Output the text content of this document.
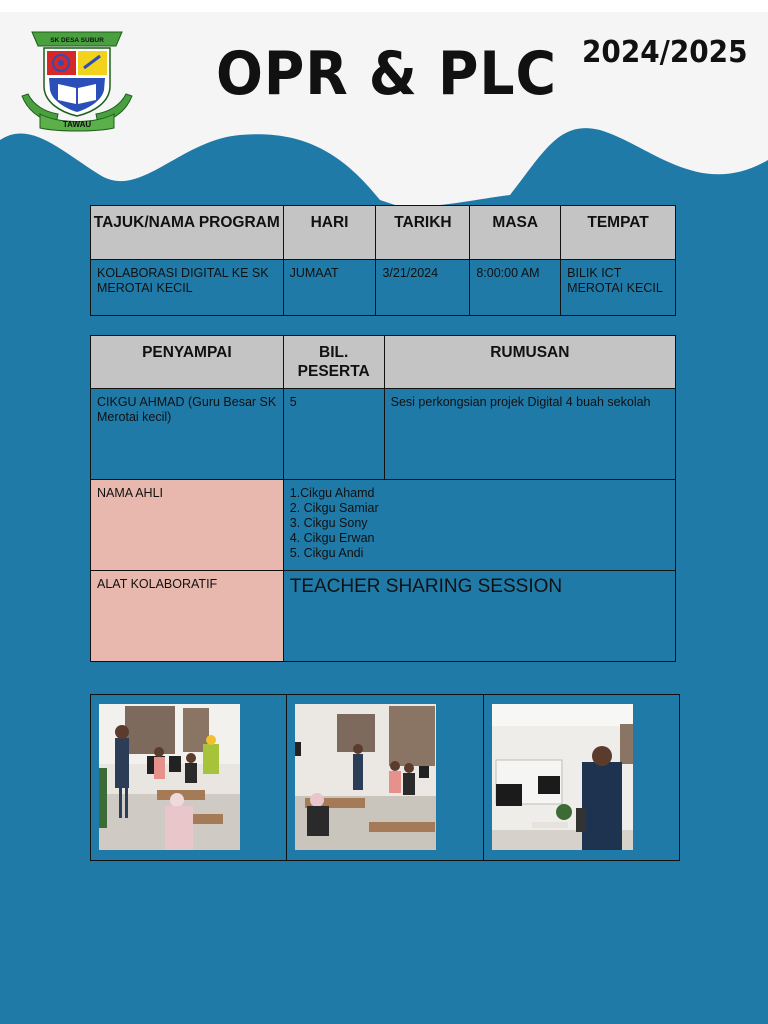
TAWAU
SK DESA SUBUR OPR & PLC 2024/2025
TAJUK/NAMA PROGRAM	HARI	TARIKH	MASA	TEMPAT
KOLABORASI DIGITAL KE SK MEROTAI KECIL	JUMAAT	3/21/2024	8:00:00 AM	BILIK ICT MEROTAI KECIL
PENYAMPAI	BIL. PESERTA	RUMUSAN
CIKGU AHMAD (Guru Besar SK Merotai kecil)	5	Sesi perkongsian projek Digital 4 buah sekolah
NAMA AHLI	1.Cikgu Ahamd
2. Cikgu Samiar
3. Cikgu Sony
4. Cikgu Erwan
5. Cikgu Andi	

ALAT KOLABORATIF	TEACHER SHARING SESSION	
